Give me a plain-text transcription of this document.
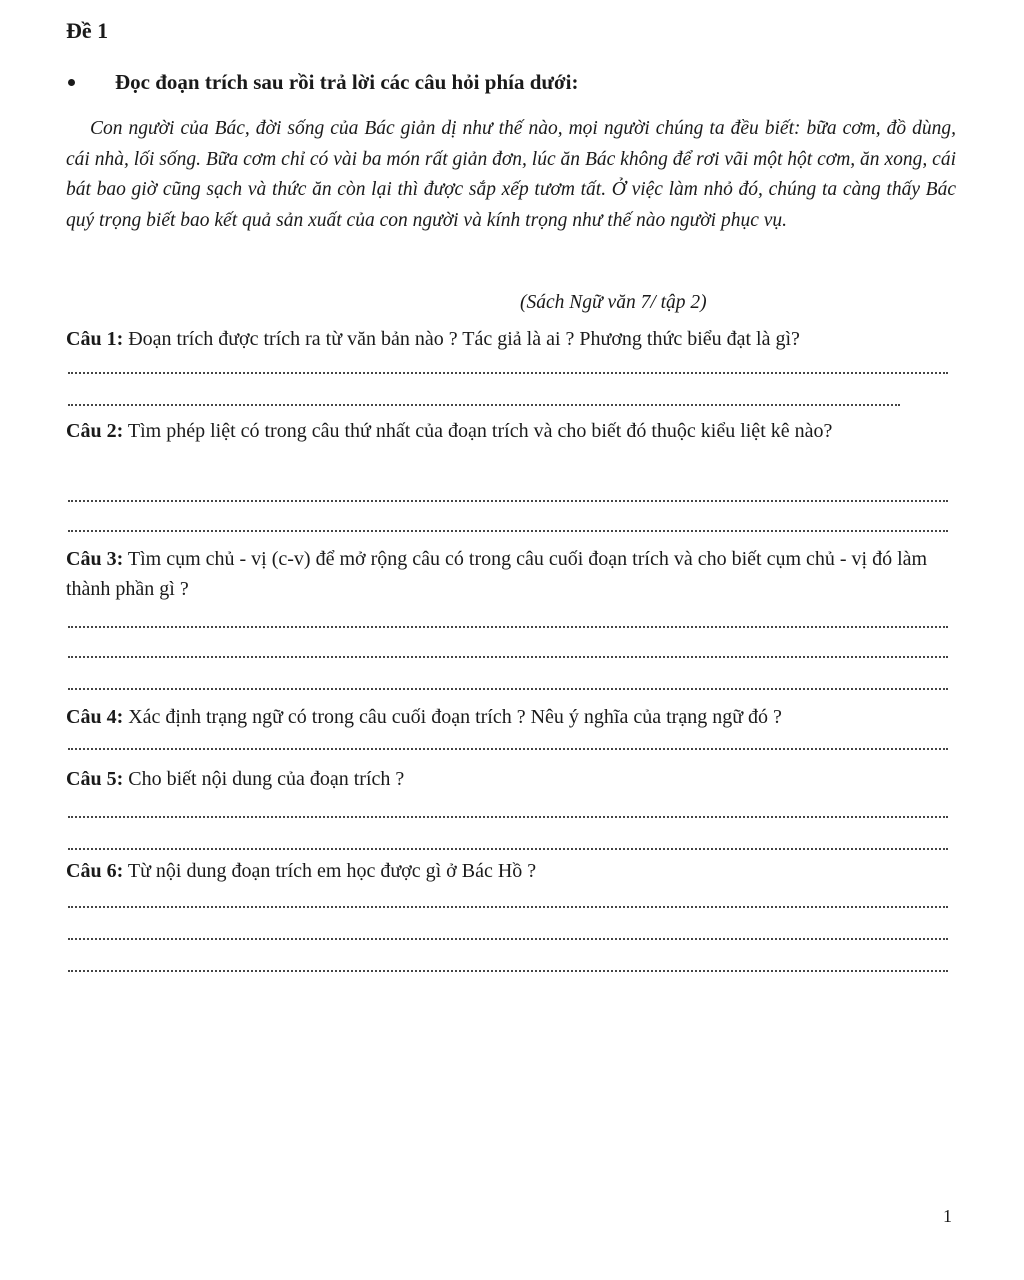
Đề 1
Đọc đoạn trích sau rồi trả lời các câu hỏi phía dưới:
Con người của Bác, đời sống của Bác giản dị như thế nào, mọi người chúng ta đều biết: bữa cơm, đồ dùng, cái nhà, lối sống. Bữa cơm chỉ có vài ba món rất giản đơn, lúc ăn Bác không để rơi vãi một hột cơm, ăn xong, cái bát bao giờ cũng sạch và thức ăn còn lại thì được sắp xếp tươm tất. Ở việc làm nhỏ đó, chúng ta càng thấy Bác quý trọng biết bao kết quả sản xuất của con người và kính trọng như thế nào người phục vụ.
(Sách Ngữ văn 7/ tập 2)
Câu 1: Đoạn trích được trích ra từ văn bản nào ? Tác giả là ai ? Phương thức biểu đạt là gì?
Câu 2: Tìm phép liệt có trong câu thứ nhất của đoạn trích và cho biết đó thuộc kiểu liệt kê nào?
Câu 3: Tìm cụm chủ - vị (c-v) để mở rộng câu có trong câu cuối đoạn trích và cho biết cụm chủ - vị đó làm thành phần gì ?
Câu 4: Xác định trạng ngữ có trong câu cuối đoạn trích ? Nêu ý nghĩa của trạng ngữ đó ?
Câu 5: Cho biết nội dung của đoạn trích ?
Câu 6: Từ nội dung đoạn trích em học được gì ở Bác Hồ ?
1
